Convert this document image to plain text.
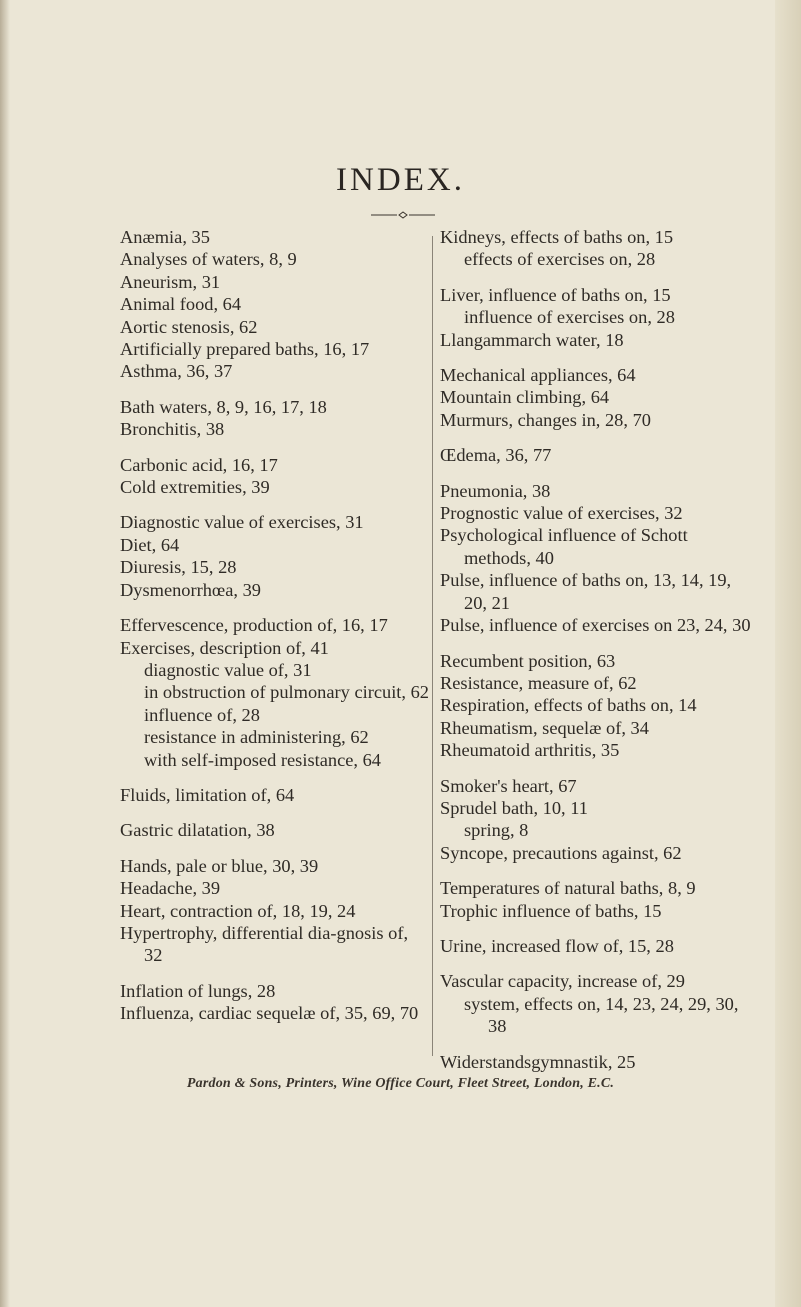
INDEX.
Anæmia, 35
Analyses of waters, 8, 9
Aneurism, 31
Animal food, 64
Aortic stenosis, 62
Artificially prepared baths, 16, 17
Asthma, 36, 37
Bath waters, 8, 9, 16, 17, 18
Bronchitis, 38
Carbonic acid, 16, 17
Cold extremities, 39
Diagnostic value of exercises, 31
Diet, 64
Diuresis, 15, 28
Dysmenorrhœa, 39
Effervescence, production of, 16, 17
Exercises, description of, 41
diagnostic value of, 31
in obstruction of pulmonary circuit, 62
influence of, 28
resistance in administering, 62
with self-imposed resistance, 64
Fluids, limitation of, 64
Gastric dilatation, 38
Hands, pale or blue, 30, 39
Headache, 39
Heart, contraction of, 18, 19, 24
Hypertrophy, differential dia-gnosis of, 32
Inflation of lungs, 28
Influenza, cardiac sequelæ of, 35, 69, 70
Kidneys, effects of baths on, 15
effects of exercises on, 28
Liver, influence of baths on, 15
influence of exercises on, 28
Llangammarch water, 18
Mechanical appliances, 64
Mountain climbing, 64
Murmurs, changes in, 28, 70
Œdema, 36, 77
Pneumonia, 38
Prognostic value of exercises, 32
Psychological influence of Schott methods, 40
Pulse, influence of baths on, 13, 14, 19, 20, 21
Pulse, influence of exercises on 23, 24, 30
Recumbent position, 63
Resistance, measure of, 62
Respiration, effects of baths on, 14
Rheumatism, sequelæ of, 34
Rheumatoid arthritis, 35
Smoker's heart, 67
Sprudel bath, 10, 11
spring, 8
Syncope, precautions against, 62
Temperatures of natural baths, 8, 9
Trophic influence of baths, 15
Urine, increased flow of, 15, 28
Vascular capacity, increase of, 29
system, effects on, 14, 23, 24, 29, 30, 38
Widerstandsgymnastik, 25
Pardon & Sons, Printers, Wine Office Court, Fleet Street, London, E.C.
